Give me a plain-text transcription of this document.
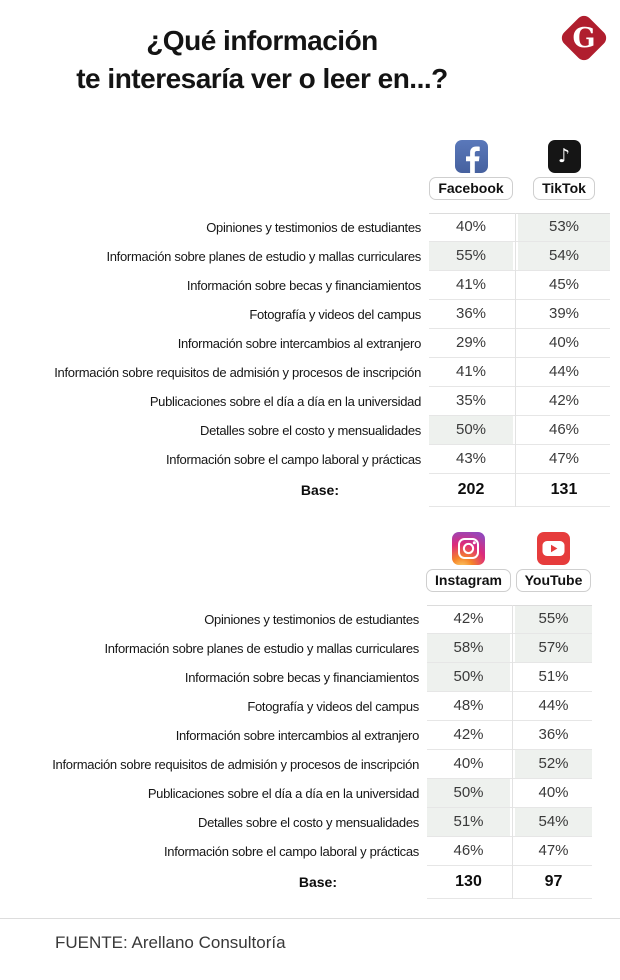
¿Qué información
te interesaría ver o leer en...?
G
Facebook
♪
TikTok
Opiniones y testimonios de estudiantes	40%	53%
Información sobre planes de estudio y mallas curriculares	55%	54%
Información sobre becas y financiamientos	41%	45%
Fotografía y videos del campus	36%	39%
Información sobre intercambios al extranjero	29%	40%
Información sobre requisitos de admisión y procesos de inscripción	41%	44%
Publicaciones sobre el día a día en la universidad	35%	42%
Detalles sobre el costo y mensualidades	50%	46%
Información sobre el campo laboral y prácticas	43%	47%
Base:	202	131
Instagram	YouTube
Opiniones y testimonios de estudiantes	42%	55%
Información sobre planes de estudio y mallas curriculares	58%	57%
Información sobre becas y financiamientos	50%	51%
Fotografía y videos del campus	48%	44%
Información sobre intercambios al extranjero	42%	36%
Información sobre requisitos de admisión y procesos de inscripción	40%	52%
Publicaciones sobre el día a día en la universidad	50%	40%
Detalles sobre el costo y mensualidades	51%	54%
Información sobre el campo laboral y prácticas	46%	47%
Base:	130	97
FUENTE: Arellano Consultoría
